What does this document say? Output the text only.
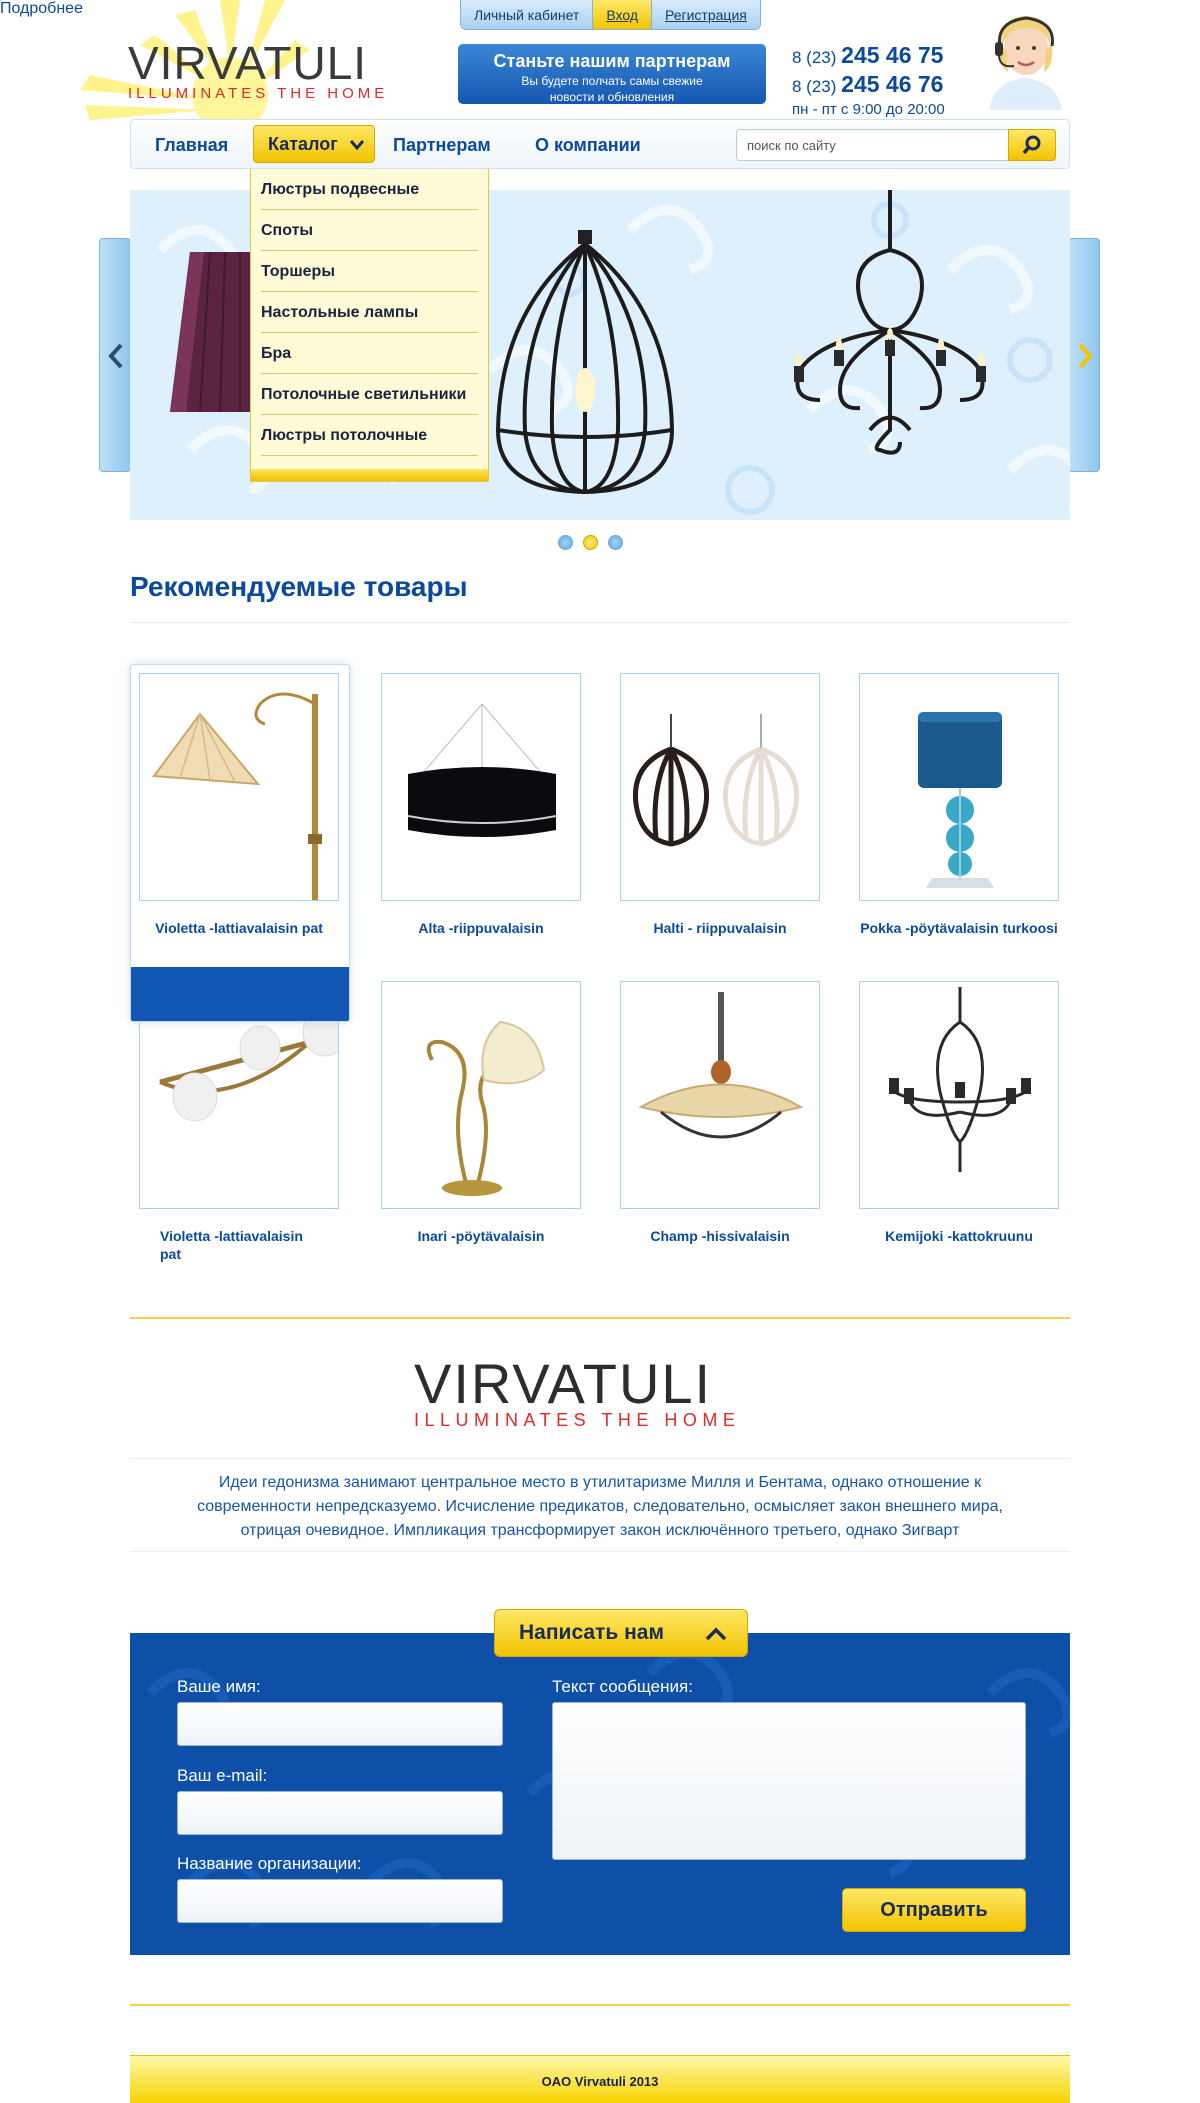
VIRVATULI
ILLUMINATES THE HOME
Личный кабинет	Вход	Регистрация
Станьте нашим партнерам
Вы будете полчать самы свежие
новости и обновления
8 (23) 245 46 75
8 (23) 245 46 76
пн - пт с 9:00 до 20:00
Главная	Каталог	Партнерам О компании
поиск по сайту
Люстры подвесные
Споты
Торшеры
Настольные лампы
Бра
Потолочные светильники
Люстры потолочные
Рекомендуемые товары
Violetta -lattiavalaisin pat
Подробнее
Alta -riippuvalaisin	Halti - riippuvalaisin	Pokka -pöytävalaisin turkoosi
Violetta -lattiavalaisin
pat
Inari -pöytävalaisin	Champ -hissivalaisin	Kemijoki -kattokruunu
VIRVATULI
ILLUMINATES THE HOME
Идеи гедонизма занимают центральное место в утилитаризме Милля и Бентама, однако отношение к современности непредсказуемо. Исчисление предикатов, следовательно, осмысляет закон внешнего мира, отрицая очевидное. Импликация трансформирует закон исключённого третьего, однако Зигварт
Написать нам
Ваше имя:
Ваш e-mail:
Название организации:
Текст сообщения:
Отправить
OAO Virvatuli 2013
